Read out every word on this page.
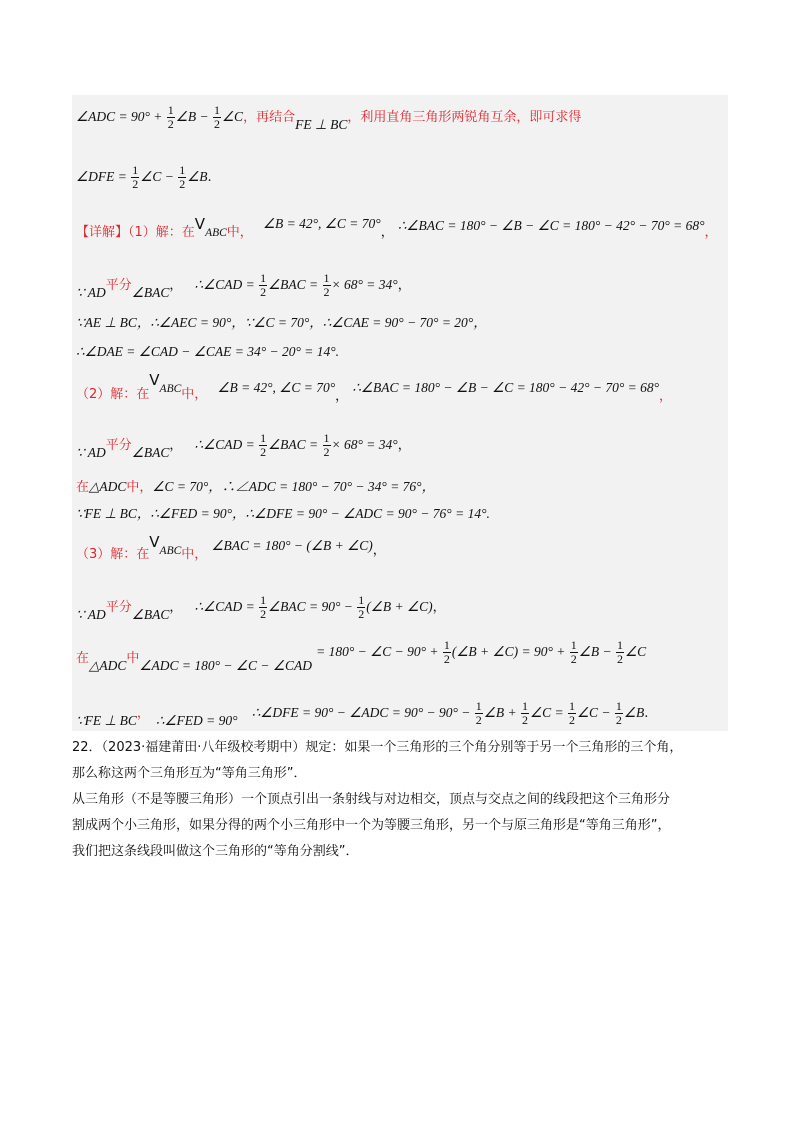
∠ADC = $90^\circ + \frac{1}{2}$ ∠B − $\frac{1}{2}$ ∠C，再结合FE ⊥ BC，利用直角三角形两锐角互余，即可求得
∠DFE = $\frac{1}{2}$ ∠C − $\frac{1}{2}$ ∠B.
【详解】（1）解：在VABC中， ∠B = 42°, ∠C = 70°， ∴∠BAC = 180° − ∠B − ∠C = 180° − 42° − 70° = 68°，
∵ AD平分∠BAC， ∴∠CAD = $\frac{1}{2}$ ∠BAC = $\frac{1}{2} \times 68^\circ = 34^\circ$，
∵AE ⊥ BC，∴∠AEC = 90°，∵∠C = 70°，∴∠CAE = 90° − 70° = 20°，
∴∠DAE = ∠CAD − ∠CAE = 34° − 20° = 14°.
（2）解：在VABC中， ∠B = 42°, ∠C = 70°， ∴∠BAC = 180° − ∠B − ∠C = 180° − 42° − 70° = 68°，
∵ AD平分∠BAC， ∴∠CAD = $\frac{1}{2}$ ∠BAC = $\frac{1}{2} \times 68^\circ = 34^\circ$，
在△ADC中，∠C = 70°，∴∠ADC = 180° − 70° − 34° = 76°，
∵FE ⊥ BC，∴∠FED = 90°，∴∠DFE = 90° − ∠ADC = 90° − 76° = 14°.
（3）解：在VABC中， ∠BAC = 180° − (∠B + ∠C)，
∵ AD平分∠BAC， ∴∠CAD = $\frac{1}{2}$ ∠BAC = $90^\circ - \frac{1}{2}$ (∠B + ∠C)，
在△ADC中∠ADC = 180° − ∠C − ∠CAD = 180° − ∠C − $90^\circ + \frac{1}{2}$ (∠B + ∠C) = $90^\circ + \frac{1}{2}$ ∠B − $\frac{1}{2}$ ∠C
∵FE ⊥ BC， ∴∠FED = 90° ∴∠DFE = 90° − ∠ADC = $90^\circ - 90^\circ - \frac{1}{2}$ ∠B + $\frac{1}{2}$ ∠C = $\frac{1}{2}$ ∠C − $\frac{1}{2}$ ∠B.
22．（2023·福建莆田·八年级校考期中）规定：如果一个三角形的三个角分别等于另一个三角形的三个角，
那么称这两个三角形互为“等角三角形”．
从三角形（不是等腰三角形）一个顶点引出一条射线与对边相交，顶点与交点之间的线段把这个三角形分
割成两个小三角形，如果分得的两个小三角形中一个为等腰三角形，另一个与原三角形是“等角三角形”，
我们把这条线段叫做这个三角形的“等角分割线”．
